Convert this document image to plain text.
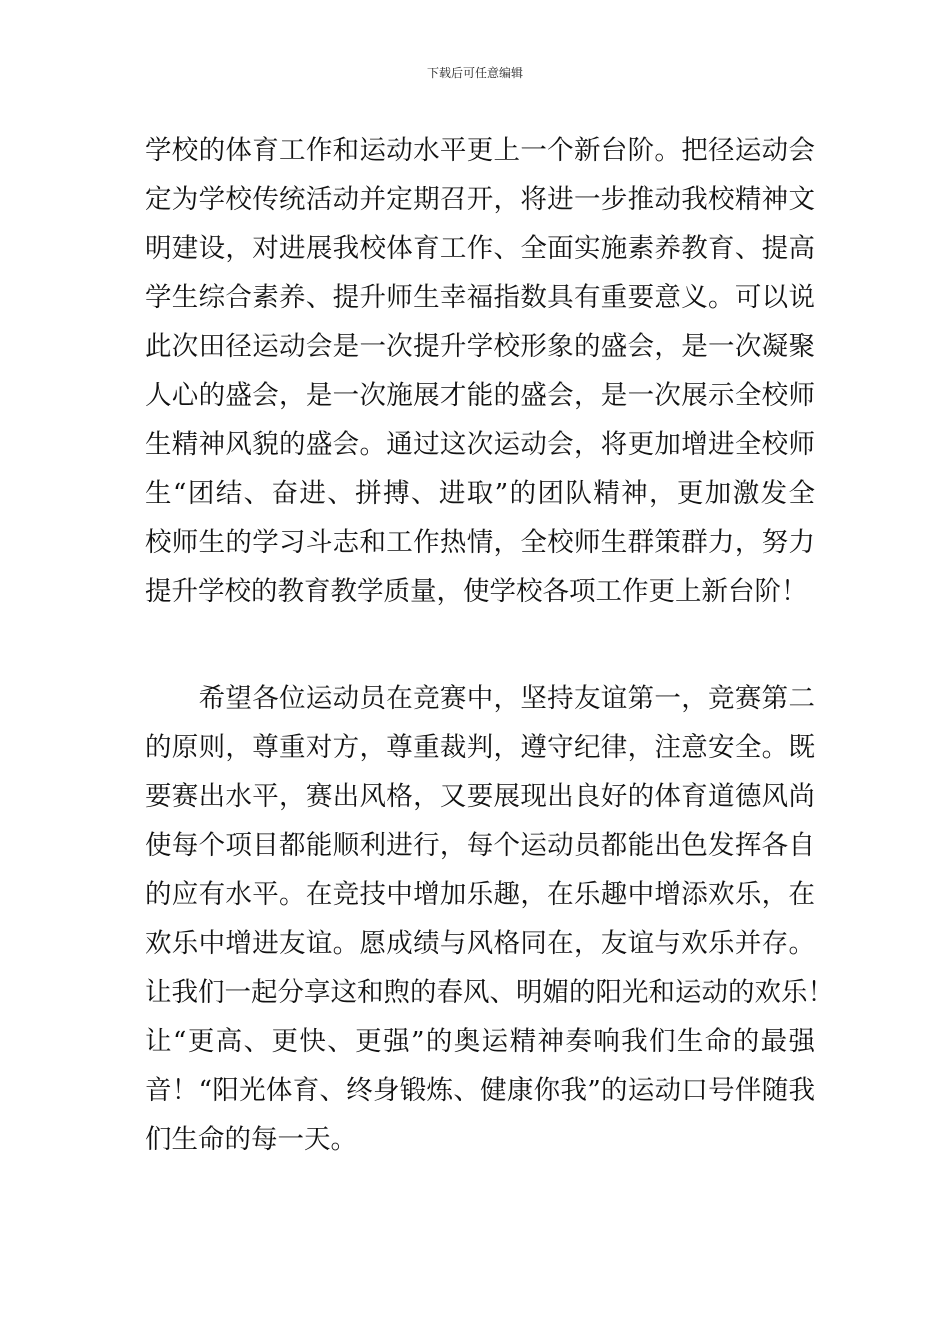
下载后可任意编辑
学校的体育工作和运动水平更上一个新台阶。把径运动会
定为学校传统活动并定期召开，将进一步推动我校精神文
明建设，对进展我校体育工作、全面实施素养教育、提高
学生综合素养、提升师生幸福指数具有重要意义。可以说
此次田径运动会是一次提升学校形象的盛会，是一次凝聚
人心的盛会，是一次施展才能的盛会，是一次展示全校师
生精神风貌的盛会。通过这次运动会，将更加增进全校师
生“团结、奋进、拼搏、进取”的团队精神，更加激发全
校师生的学习斗志和工作热情，全校师生群策群力，努力
提升学校的教育教学质量，使学校各项工作更上新台阶！
　　希望各位运动员在竞赛中，坚持友谊第一，竞赛第二
的原则，尊重对方，尊重裁判，遵守纪律，注意安全。既
要赛出水平，赛出风格，又要展现出良好的体育道德风尚
使每个项目都能顺利进行，每个运动员都能出色发挥各自
的应有水平。在竞技中增加乐趣，在乐趣中增添欢乐，在
欢乐中增进友谊。愿成绩与风格同在，友谊与欢乐并存。
让我们一起分享这和煦的春风、明媚的阳光和运动的欢乐！
让“更高、更快、更强”的奥运精神奏响我们生命的最强
音！“阳光体育、终身锻炼、健康你我”的运动口号伴随我
们生命的每一天。
